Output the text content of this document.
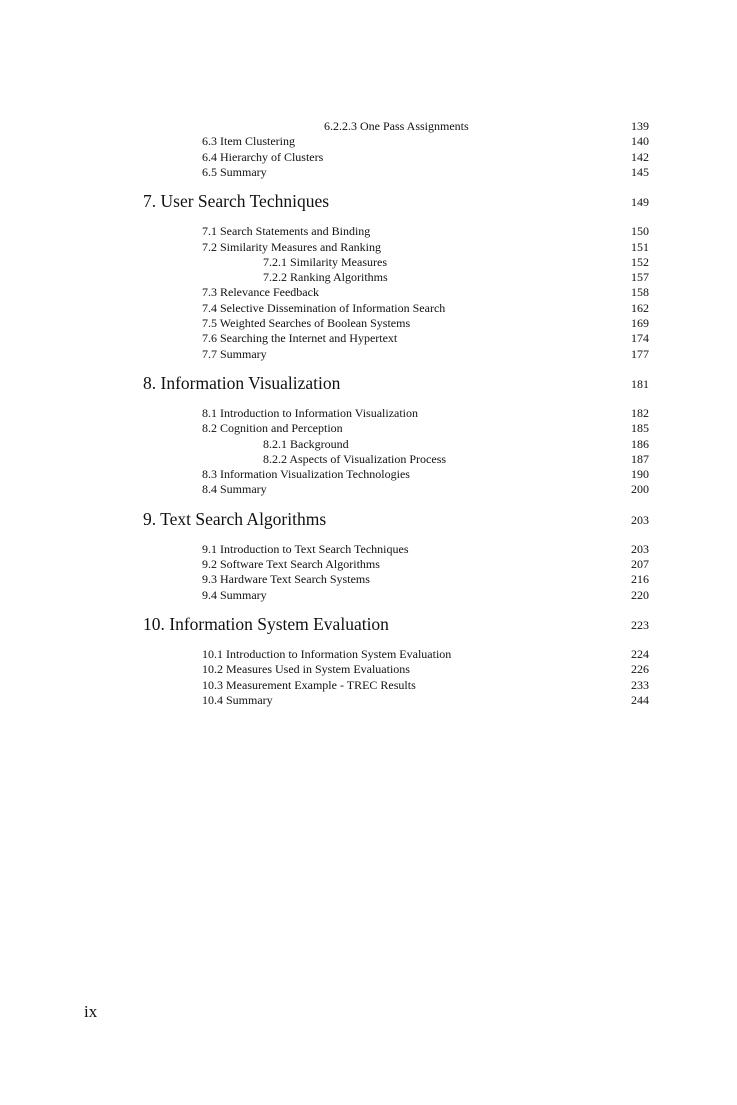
6.2.2.3 One Pass Assignments	139
6.3 Item Clustering	140
6.4 Hierarchy of Clusters	142
6.5 Summary	145
7. User Search Techniques	149
7.1 Search Statements and Binding	150
7.2 Similarity Measures and Ranking	151
7.2.1 Similarity Measures	152
7.2.2 Ranking Algorithms	157
7.3 Relevance Feedback	158
7.4 Selective Dissemination of Information Search	162
7.5 Weighted Searches of Boolean Systems	169
7.6 Searching the Internet and Hypertext	174
7.7 Summary	177
8. Information Visualization	181
8.1 Introduction to Information Visualization	182
8.2 Cognition and Perception	185
8.2.1 Background	186
8.2.2 Aspects of Visualization Process	187
8.3 Information Visualization Technologies	190
8.4 Summary	200
9. Text Search Algorithms	203
9.1 Introduction to Text Search Techniques	203
9.2 Software Text Search Algorithms	207
9.3 Hardware Text Search Systems	216
9.4 Summary	220
10. Information System Evaluation	223
10.1 Introduction to Information System Evaluation	224
10.2 Measures Used in System Evaluations	226
10.3 Measurement Example - TREC Results	233
10.4 Summary	244
ix
